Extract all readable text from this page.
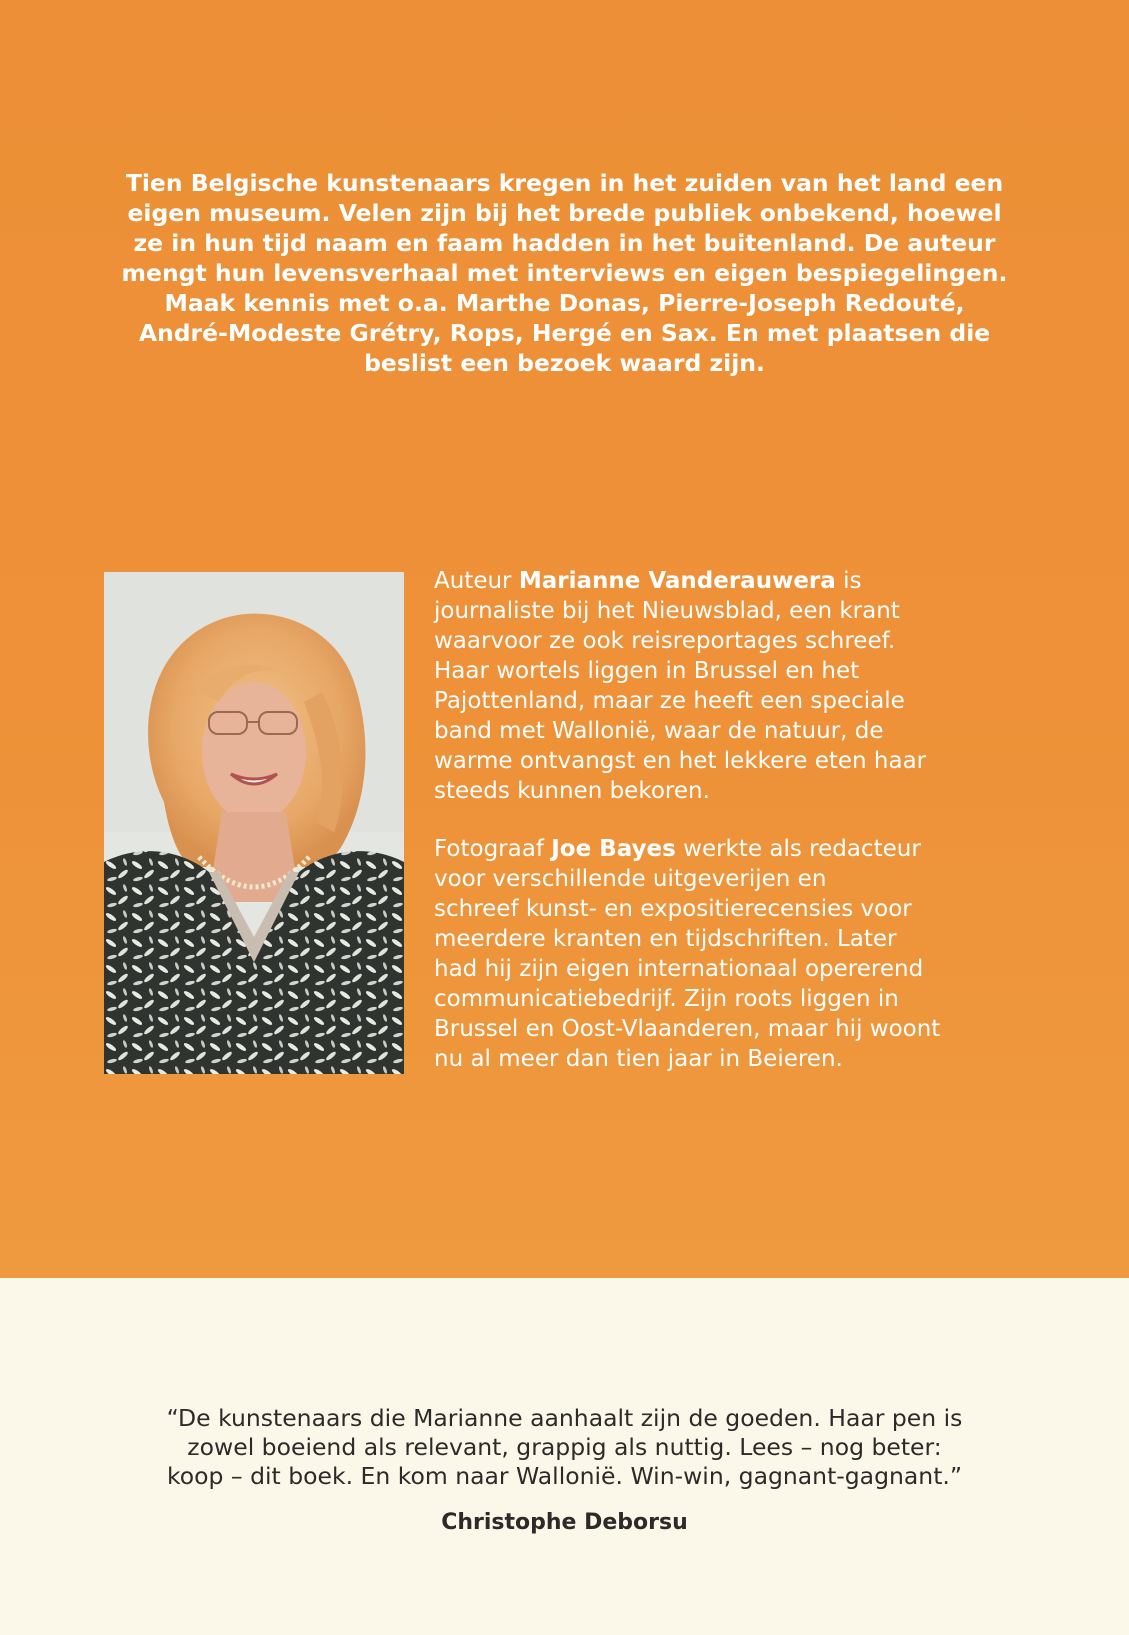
Tien Belgische kunstenaars kregen in het zuiden van het land een
eigen museum. Velen zijn bij het brede publiek onbekend, hoewel
ze in hun tijd naam en faam hadden in het buitenland. De auteur
mengt hun levensverhaal met interviews en eigen bespiegelingen.
Maak kennis met o.a. Marthe Donas, Pierre-Joseph Redouté,
André-Modeste Grétry, Rops, Hergé en Sax. En met plaatsen die
beslist een bezoek waard zijn.
Auteur Marianne Vanderauwera is
journaliste bij het Nieuwsblad, een krant
waarvoor ze ook reisreportages schreef.
Haar wortels liggen in Brussel en het
Pajottenland, maar ze heeft een speciale
band met Wallonië, waar de natuur, de
warme ontvangst en het lekkere eten haar
steeds kunnen bekoren.
Fotograaf Joe Bayes werkte als redacteur
voor verschillende uitgeverijen en
schreef kunst- en expositierecensies voor
meerdere kranten en tijdschriften. Later
had hij zijn eigen internationaal opererend
communicatiebedrijf. Zijn roots liggen in
Brussel en Oost-Vlaanderen, maar hij woont
nu al meer dan tien jaar in Beieren.
“De kunstenaars die Marianne aanhaalt zijn de goeden. Haar pen is
zowel boeiend als relevant, grappig als nuttig. Lees – nog beter:
koop – dit boek. En kom naar Wallonië. Win-win, gagnant-gagnant.”
Christophe Deborsu
